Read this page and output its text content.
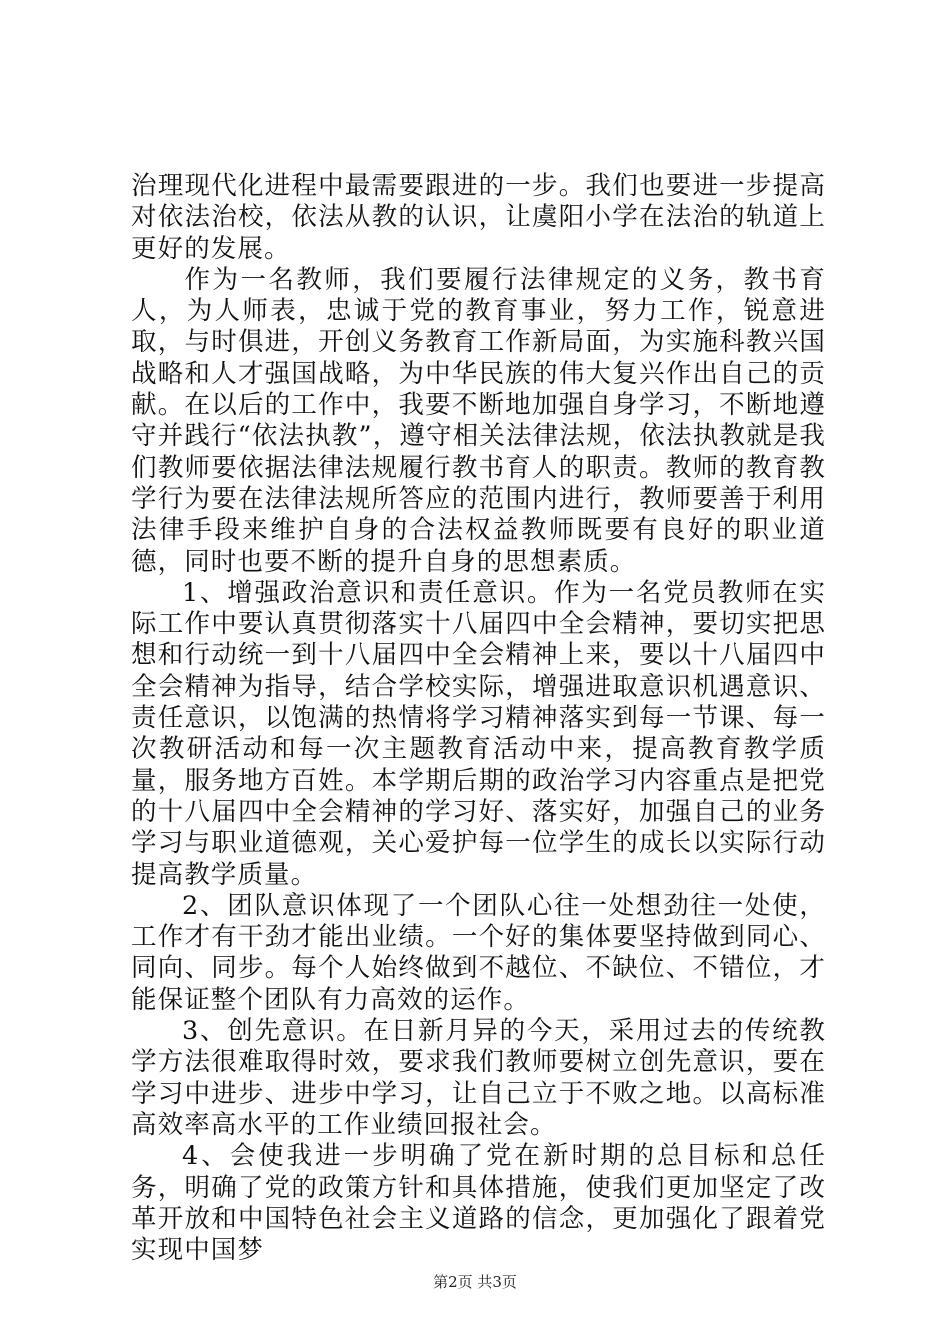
治理现代化进程中最需要跟进的一步。我们也要进一步提高对依法治校，依法从教的认识，让虞阳小学在法治的轨道上更好的发展。

作为一名教师，我们要履行法律规定的义务，教书育人，为人师表，忠诚于党的教育事业，努力工作，锐意进取，与时俱进，开创义务教育工作新局面，为实施科教兴国战略和人才强国战略，为中华民族的伟大复兴作出自己的贡献。在以后的工作中，我要不断地加强自身学习，不断地遵守并践行“依法执教”，遵守相关法律法规，依法执教就是我们教师要依据法律法规履行教书育人的职责。教师的教育教学行为要在法律法规所答应的范围内进行，教师要善于利用法律手段来维护自身的合法权益教师既要有良好的职业道德，同时也要不断的提升自身的思想素质。

1、增强政治意识和责任意识。作为一名党员教师在实际工作中要认真贯彻落实十八届四中全会精神，要切实把思想和行动统一到十八届四中全会精神上来，要以十八届四中全会精神为指导，结合学校实际，增强进取意识机遇意识、责任意识，以饱满的热情将学习精神落实到每一节课、每一次教研活动和每一次主题教育活动中来，提高教育教学质量，服务地方百姓。本学期后期的政治学习内容重点是把党的十八届四中全会精神的学习好、落实好，加强自己的业务学习与职业道德观，关心爱护每一位学生的成长以实际行动提高教学质量。

2、团队意识体现了一个团队心往一处想劲往一处使，工作才有干劲才能出业绩。一个好的集体要坚持做到同心、同向、同步。每个人始终做到不越位、不缺位、不错位，才能保证整个团队有力高效的运作。

3、创先意识。在日新月异的今天，采用过去的传统教学方法很难取得时效，要求我们教师要树立创先意识，要在学习中进步、进步中学习，让自己立于不败之地。以高标准高效率高水平的工作业绩回报社会。

4、会使我进一步明确了党在新时期的总目标和总任务，明确了党的政策方针和具体措施，使我们更加坚定了改革开放和中国特色社会主义道路的信念，更加强化了跟着党实现中国梦

第2页 共3页
